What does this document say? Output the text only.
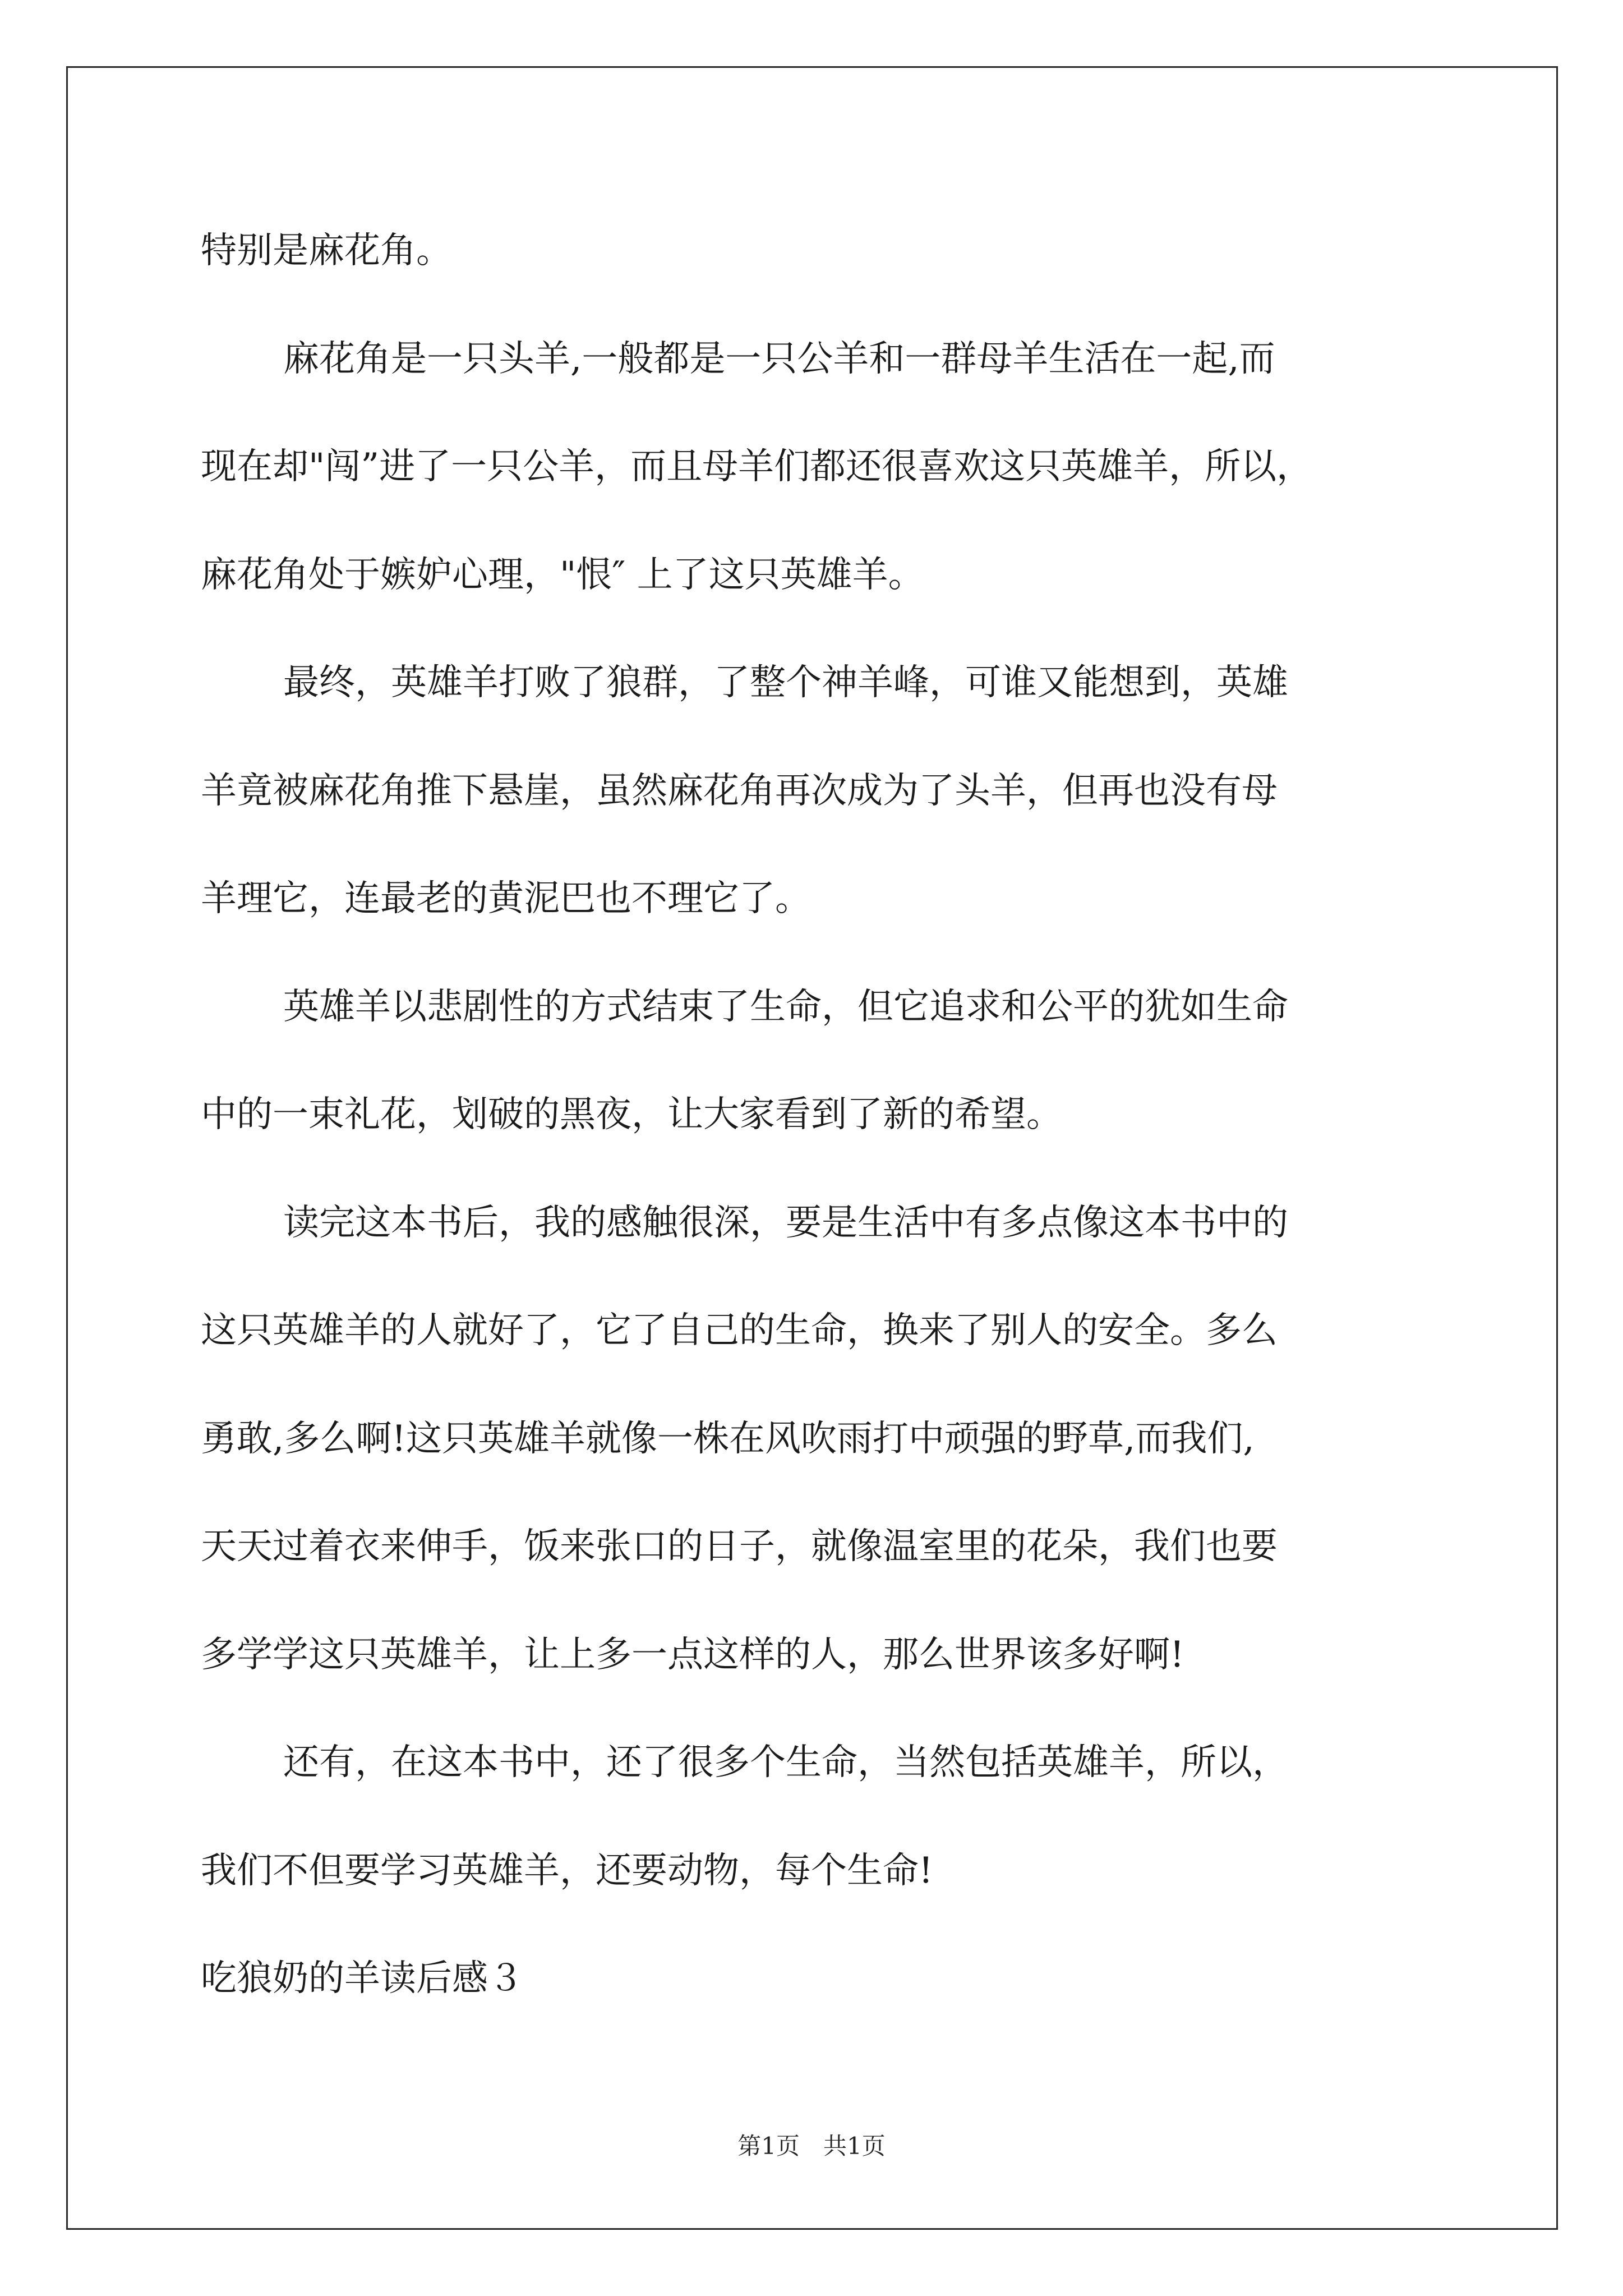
特别是麻花角。
麻花角是一只头羊,一般都是一只公羊和一群母羊生活在一起,而
现在却"闯”进了一只公羊，而且母羊们都还很喜欢这只英雄羊，所以，
麻花角处于嫉妒心理，"恨″ 上了这只英雄羊。
最终，英雄羊打败了狼群，了整个神羊峰，可谁又能想到，英雄
羊竟被麻花角推下悬崖，虽然麻花角再次成为了头羊，但再也没有母
羊理它，连最老的黄泥巴也不理它了。
英雄羊以悲剧性的方式结束了生命，但它追求和公平的犹如生命
中的一束礼花，划破的黑夜，让大家看到了新的希望。
读完这本书后，我的感触很深，要是生活中有多点像这本书中的
这只英雄羊的人就好了，它了自己的生命，换来了别人的安全。多么
勇敢,多么啊!这只英雄羊就像一株在风吹雨打中顽强的野草,而我们,
天天过着衣来伸手，饭来张口的日子，就像温室里的花朵，我们也要
多学学这只英雄羊，让上多一点这样的人，那么世界该多好啊!
还有，在这本书中，还了很多个生命，当然包括英雄羊，所以，
我们不但要学习英雄羊，还要动物，每个生命!
吃狼奶的羊读后感３
第1页　共1页
